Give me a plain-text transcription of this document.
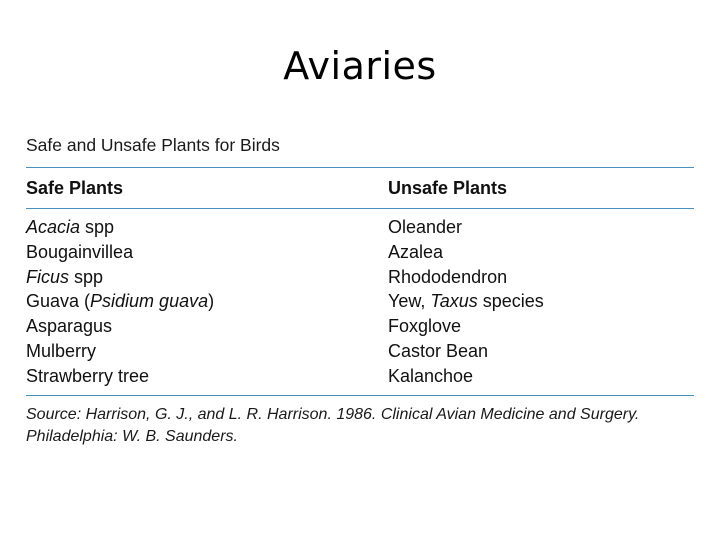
Aviaries
Safe and Unsafe Plants for Birds
Safe Plants	Unsafe Plants
Acacia spp	Oleander
Bougainvillea	Azalea
Ficus spp	Rhododendron
Guava (Psidium guava)	Yew, Taxus species
Asparagus	Foxglove
Mulberry	Castor Bean
Strawberry tree	Kalanchoe
Source: Harrison, G. J., and L. R. Harrison. 1986. Clinical Avian Medicine and Surgery. Philadelphia: W. B. Saunders.
